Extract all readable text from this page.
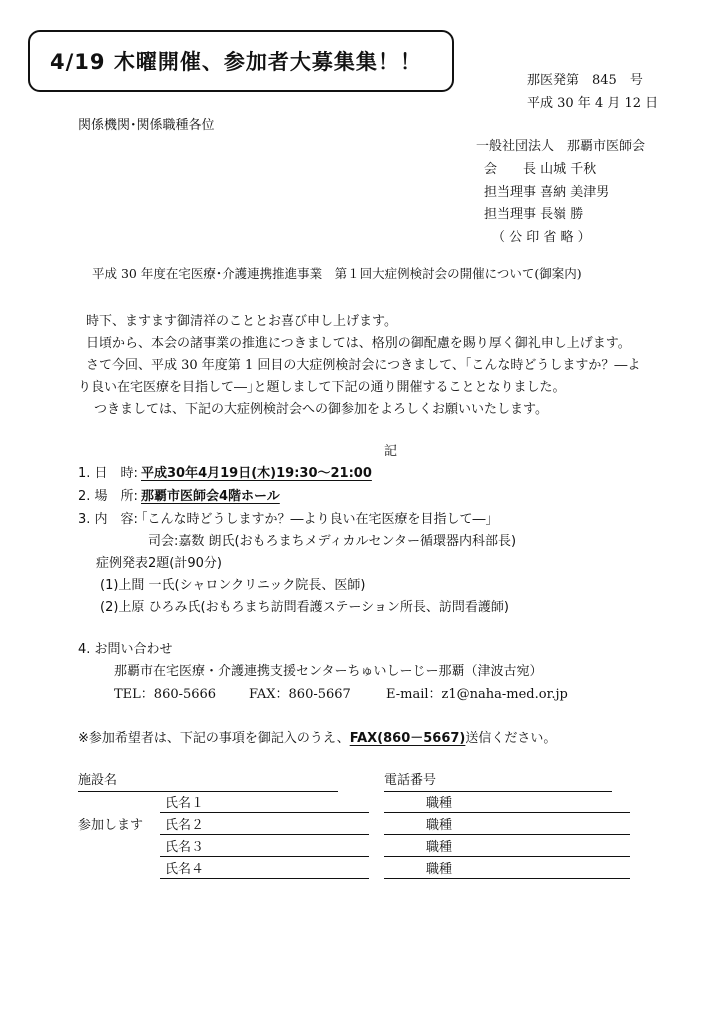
4/19 木曜開催、参加者大募集集！！
那医発第　845　号
平成 30 年 4 月 12 日
関係機関･関係職種各位
一般社団法人　那覇市医師会
会　　長 山城 千秋
担当理事 喜納 美津男
担当理事 長嶺 勝
（ 公 印 省 略 ）
平成 30 年度在宅医療･介護連携推進事業　第１回大症例検討会の開催について(御案内)
時下、ますます御清祥のこととお喜び申し上げます。
日頃から、本会の諸事業の推進につきましては、格別の御配慮を賜り厚く御礼申し上げます。
さて今回、平成 30 年度第 1 回目の大症例検討会につきまして、｢こんな時どうしますか？―よ
り良い在宅医療を目指して―｣と題しまして下記の通り開催することとなりました。
つきましては、下記の大症例検討会への御参加をよろしくお願いいたします。
記
1. 日　時: 平成30年4月19日(木)19:30～21:00
2. 場　所: 那覇市医師会4階ホール
3. 内　容: ｢こんな時どうしますか？―より良い在宅医療を目指して―｣
司会:嘉数 朗氏(おもろまちメディカルセンター循環器内科部長)
症例発表2題(計90分)
(1)上間 一氏(シャロンクリニック院長、医師)
(2)上原 ひろみ氏(おもろまち訪問看護ステーション所長、訪問看護師)
4. お問い合わせ
那覇市在宅医療・介護連携支援センターちゅいしーじー那覇（津波古宛）
TEL：860-5666	FAX：860-5667	E-mail：z1@naha-med.or.jp
※参加希望者は、下記の事項を御記入のうえ、FAX(860－5667)送信ください。
施設名	電話番号
参加します
氏名１	職種
氏名２	職種
氏名３	職種
氏名４	職種
